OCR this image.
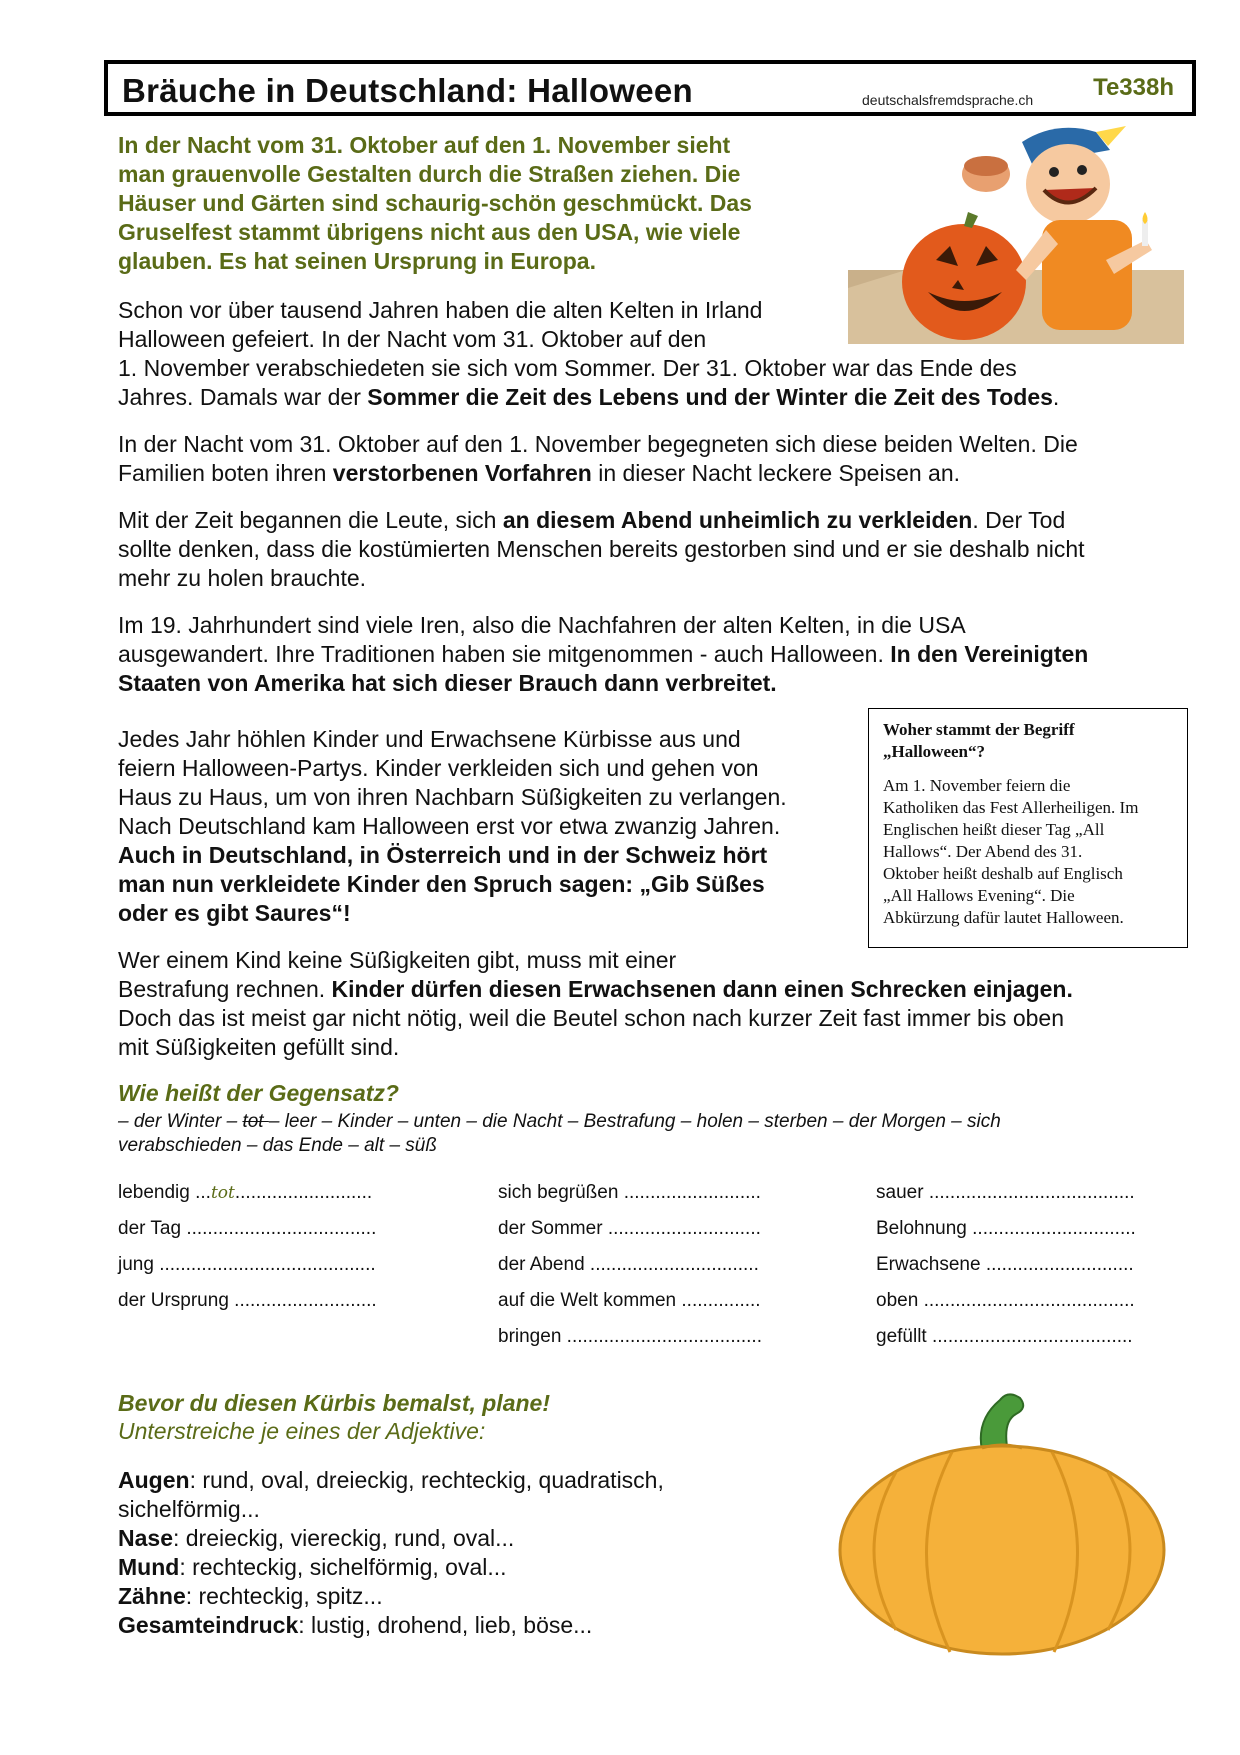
Bräuche in Deutschland: Halloween	deutschalsfremdsprache.ch Te338h
In der Nacht vom 31. Oktober auf den 1. November sieht
man grauenvolle Gestalten durch die Straßen ziehen. Die
Häuser und Gärten sind schaurig-schön geschmückt. Das
Gruselfest stammt übrigens nicht aus den USA, wie viele
glauben. Es hat seinen Ursprung in Europa.
Schon vor über tausend Jahren haben die alten Kelten in Irland
Halloween gefeiert. In der Nacht vom 31. Oktober auf den
1. November verabschiedeten sie sich vom Sommer. Der 31. Oktober war das Ende des
Jahres. Damals war der Sommer die Zeit des Lebens und der Winter die Zeit des Todes.
In der Nacht vom 31. Oktober auf den 1. November begegneten sich diese beiden Welten. Die
Familien boten ihren verstorbenen Vorfahren in dieser Nacht leckere Speisen an.
Mit der Zeit begannen die Leute, sich an diesem Abend unheimlich zu verkleiden. Der Tod
sollte denken, dass die kostümierten Menschen bereits gestorben sind und er sie deshalb nicht
mehr zu holen brauchte.
Im 19. Jahrhundert sind viele Iren, also die Nachfahren der alten Kelten, in die USA
ausgewandert. Ihre Traditionen haben sie mitgenommen - auch Halloween. In den Vereinigten
Staaten von Amerika hat sich dieser Brauch dann verbreitet.
Jedes Jahr höhlen Kinder und Erwachsene Kürbisse aus und
feiern Halloween-Partys. Kinder verkleiden sich und gehen von
Haus zu Haus, um von ihren Nachbarn Süßigkeiten zu verlangen.
Nach Deutschland kam Halloween erst vor etwa zwanzig Jahren.
Auch in Deutschland, in Österreich und in der Schweiz hört
man nun verkleidete Kinder den Spruch sagen: „Gib Süßes
oder es gibt Saures“!
Woher stammt der Begriff
„Halloween“?
Am 1. November feiern die
Katholiken das Fest Allerheiligen. Im
Englischen heißt dieser Tag „All
Hallows“. Der Abend des 31.
Oktober heißt deshalb auf Englisch
„All Hallows Evening“. Die
Abkürzung dafür lautet Halloween.
Wer einem Kind keine Süßigkeiten gibt, muss mit einer
Bestrafung rechnen. Kinder dürfen diesen Erwachsenen dann einen Schrecken einjagen.
Doch das ist meist gar nicht nötig, weil die Beutel schon nach kurzer Zeit fast immer bis oben
mit Süßigkeiten gefüllt sind.
Wie heißt der Gegensatz?
– der Winter – tot – leer – Kinder – unten – die Nacht – Bestrafung – holen – sterben – der Morgen – sich
verabschieden – das Ende – alt – süß
lebendig ...tot..........................
der Tag ....................................
jung .........................................
der Ursprung ...........................
sich begrüßen ..........................
der Sommer .............................
der Abend ................................
auf die Welt kommen ...............
bringen .....................................
sauer .......................................
Belohnung ...............................
Erwachsene ............................
oben ........................................
gefüllt ......................................
Bevor du diesen Kürbis bemalst, plane!
Unterstreiche je eines der Adjektive:
Augen: rund, oval, dreieckig, rechteckig, quadratisch,
sichelförmig...
Nase: dreieckig, viereckig, rund, oval...
Mund: rechteckig, sichelförmig, oval...
Zähne: rechteckig, spitz...
Gesamteindruck: lustig, drohend, lieb, böse...
